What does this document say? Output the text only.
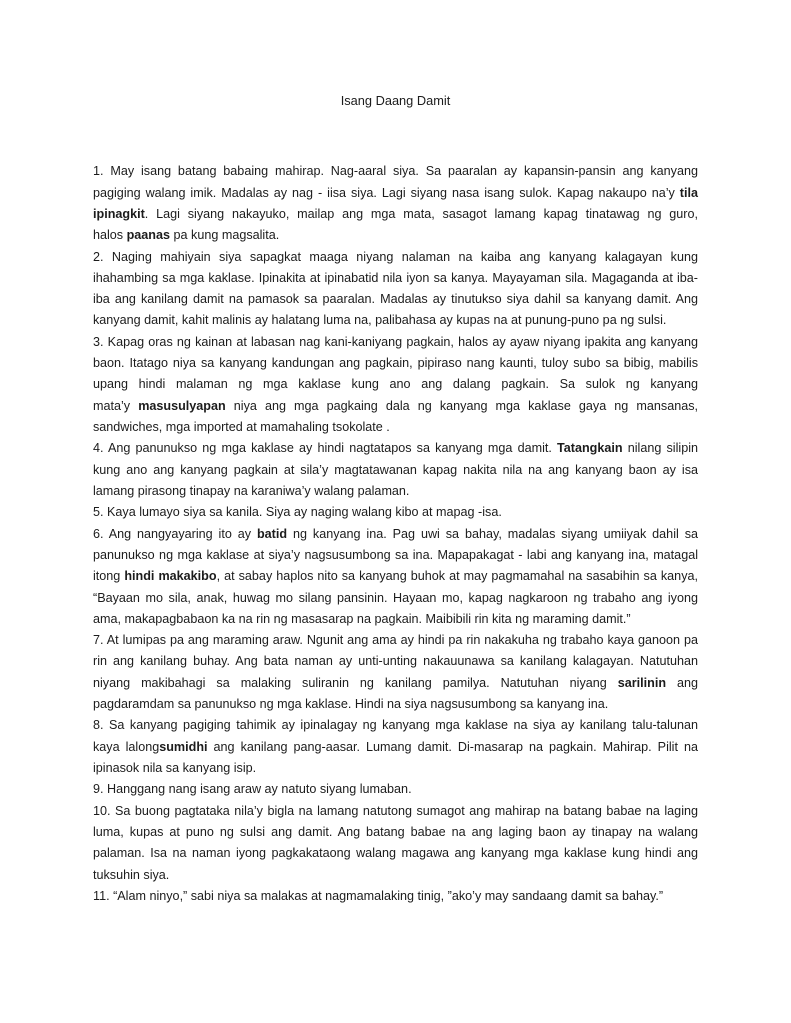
Isang Daang Damit
1. May isang batang babaing mahirap. Nag-aaral siya. Sa paaralan ay kapansin-pansin ang kanyang
pagiging walang imik. Madalas ay nag - iisa siya. Lagi siyang nasa isang sulok. Kapag nakaupo na’y tila
ipinagkit. Lagi siyang nakayuko, mailap ang mga mata, sasagot lamang kapag tinatawag ng guro,
halos paanas pa kung magsalita.
2. Naging mahiyain siya sapagkat maaga niyang nalaman na kaiba ang kanyang kalagayan kung
ihahambing sa mga kaklase. Ipinakita at ipinabatid nila iyon sa kanya. Mayayaman sila. Magaganda at iba-
iba ang kanilang damit na pamasok sa paaralan. Madalas ay tinutukso siya dahil sa kanyang damit. Ang
kanyang damit, kahit malinis ay halatang luma na, palibahasa ay kupas na at punung-puno pa ng sulsi.
3. Kapag oras ng kainan at labasan nag kani-kaniyang pagkain, halos ay ayaw niyang ipakita ang kanyang
baon. Itatago niya sa kanyang kandungan ang pagkain, pipiraso nang kaunti, tuloy subo sa bibig, mabilis
upang hindi malaman ng mga kaklase kung ano ang dalang pagkain. Sa sulok ng kanyang
mata’y masusulyapan niya ang mga pagkaing dala ng kanyang mga kaklase gaya ng mansanas,
sandwiches, mga imported at mamahaling tsokolate .
4. Ang panunukso ng mga kaklase ay hindi nagtatapos sa kanyang mga damit. Tatangkain nilang silipin
kung ano ang kanyang pagkain at sila’y magtatawanan kapag nakita nila na ang kanyang baon ay isa
lamang pirasong tinapay na karaniwa’y walang palaman.
5. Kaya lumayo siya sa kanila. Siya ay naging walang kibo at mapag -isa.
6. Ang nangyayaring ito ay batid ng kanyang ina. Pag uwi sa bahay, madalas siyang umiiyak dahil sa
panunukso ng mga kaklase at siya’y nagsusumbong sa ina. Mapapakagat - labi ang kanyang ina, matagal
itong hindi makakibo, at sabay haplos nito sa kanyang buhok at may pagmamahal na sasabihin sa kanya,
“Bayaan mo sila, anak, huwag mo silang pansinin. Hayaan mo, kapag nagkaroon ng trabaho ang iyong
ama, makapagbabaon ka na rin ng masasarap na pagkain. Maibibili rin kita ng maraming damit.”
7. At lumipas pa ang maraming araw. Ngunit ang ama ay hindi pa rin nakakuha ng trabaho kaya ganoon pa
rin ang kanilang buhay. Ang bata naman ay unti-unting nakauunawa sa kanilang kalagayan. Natutuhan
niyang makibahagi sa malaking suliranin ng kanilang pamilya. Natutuhan niyang sarilinin ang
pagdaramdam sa panunukso ng mga kaklase. Hindi na siya nagsusumbong sa kanyang ina.
8. Sa kanyang pagiging tahimik ay ipinalagay ng kanyang mga kaklase na siya ay kanilang talu-talunan
kaya lalongsumidhi ang kanilang pang-aasar. Lumang damit. Di-masarap na pagkain. Mahirap. Pilit na
ipinasok nila sa kanyang isip.
9. Hanggang nang isang araw ay natuto siyang lumaban.
10. Sa buong pagtataka nila’y bigla na lamang natutong sumagot ang mahirap na batang babae na laging
luma, kupas at puno ng sulsi ang damit. Ang batang babae na ang laging baon ay tinapay na walang
palaman. Isa na naman iyong pagkakataong walang magawa ang kanyang mga kaklase kung hindi ang
tuksuhin siya.
11. “Alam ninyo,” sabi niya sa malakas at nagmamalaking tinig, ”ako’y may sandaang damit sa bahay.”
